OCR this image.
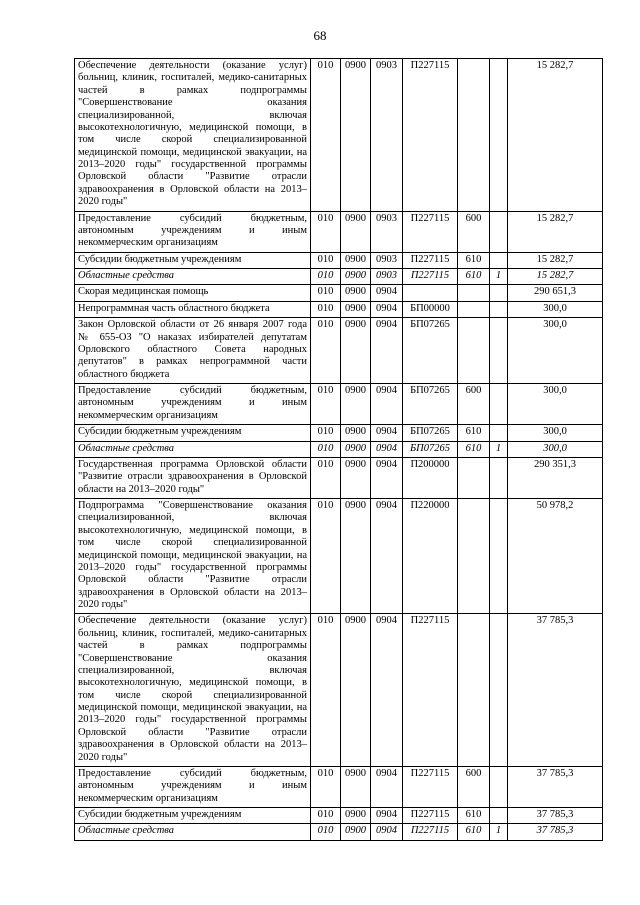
68
Обеспечение деятельности (оказание услуг) больниц, клиник, госпиталей, медико-санитарных частей в рамках подпрограммы "Совершенствование оказания специализированной, включая высокотехнологичную, медицинской помощи, в том числе скорой специализированной медицинской помощи, медицинской эвакуации, на 2013–2020 годы" государственной программы Орловской области "Развитие отрасли здравоохранения в Орловской области на 2013–2020 годы"	010	0900	0903	П227115			15 282,7
Предоставление субсидий бюджетным, автономным учреждениям и иным некоммерческим организациям	010	0900	0903	П227115	600		15 282,7
Субсидии бюджетным учреждениям	010	0900	0903	П227115	610		15 282,7
Областные средства	010	0900	0903	П227115	610	1	15 282,7
Скорая медицинская помощь	010	0900	0904				290 651,3
Непрограммная часть областного бюджета	010	0900	0904	БП00000			300,0
Закон Орловской области от 26 января 2007 года № 655-ОЗ "О наказах избирателей депутатам Орловского областного Совета народных депутатов" в рамках непрограммной части областного бюджета	010	0900	0904	БП07265			300,0
Предоставление субсидий бюджетным, автономным учреждениям и иным некоммерческим организациям	010	0900	0904	БП07265	600		300,0
Субсидии бюджетным учреждениям	010	0900	0904	БП07265	610		300,0
Областные средства	010	0900	0904	БП07265	610	1	300,0
Государственная программа Орловской области "Развитие отрасли здравоохранения в Орловской области на 2013–2020 годы"	010	0900	0904	П200000			290 351,3
Подпрограмма "Совершенствование оказания специализированной, включая высокотехнологичную, медицинской помощи, в том числе скорой специализированной медицинской помощи, медицинской эвакуации, на 2013–2020 годы" государственной программы Орловской области "Развитие отрасли здравоохранения в Орловской области на 2013–2020 годы"	010	0900	0904	П220000			50 978,2
Обеспечение деятельности (оказание услуг) больниц, клиник, госпиталей, медико-санитарных частей в рамках подпрограммы "Совершенствование оказания специализированной, включая высокотехнологичную, медицинской помощи, в том числе скорой специализированной медицинской помощи, медицинской эвакуации, на 2013–2020 годы" государственной программы Орловской области "Развитие отрасли здравоохранения в Орловской области на 2013–2020 годы"	010	0900	0904	П227115			37 785,3
Предоставление субсидий бюджетным, автономным учреждениям и иным некоммерческим организациям	010	0900	0904	П227115	600		37 785,3
Субсидии бюджетным учреждениям	010	0900	0904	П227115	610		37 785,3
Областные средства	010	0900	0904	П227115	610	1	37 785,3
